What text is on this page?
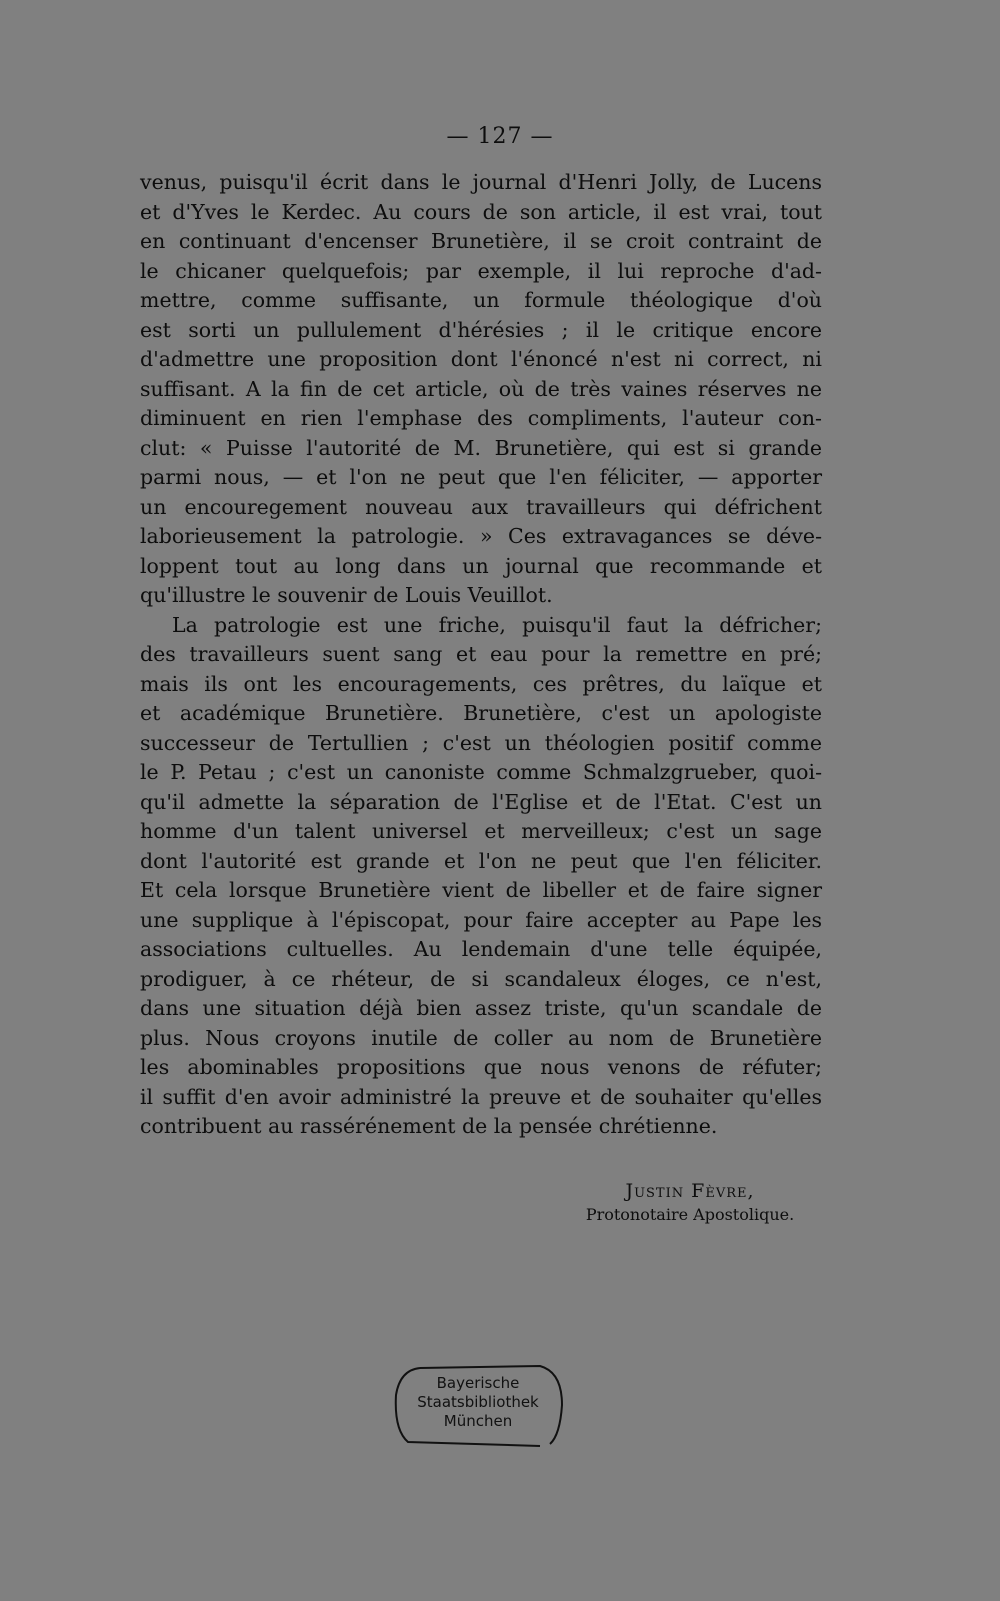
— 127 —
venus, puisqu'il écrit dans le journal d'Henri Jolly, de Lucens
et d'Yves le Kerdec. Au cours de son article, il est vrai, tout
en continuant d'encenser Brunetière, il se croit contraint de
le chicaner quelquefois; par exemple, il lui reproche d'ad-
mettre, comme suffisante, un formule théologique d'où
est sorti un pullulement d'hérésies ; il le critique encore
d'admettre une proposition dont l'énoncé n'est ni correct, ni
suffisant. A la fin de cet article, où de très vaines réserves ne
diminuent en rien l'emphase des compliments, l'auteur con-
clut: « Puisse l'autorité de M. Brunetière, qui est si grande
parmi nous, — et l'on ne peut que l'en féliciter, — apporter
un encouregement nouveau aux travailleurs qui défrichent
laborieusement la patrologie. » Ces extravagances se déve-
loppent tout au long dans un journal que recommande et
qu'illustre le souvenir de Louis Veuillot.
La patrologie est une friche, puisqu'il faut la défricher;
des travailleurs suent sang et eau pour la remettre en pré;
mais ils ont les encouragements, ces prêtres, du laïque et
et académique Brunetière. Brunetière, c'est un apologiste
successeur de Tertullien ; c'est un théologien positif comme
le P. Petau ; c'est un canoniste comme Schmalzgrueber, quoi-
qu'il admette la séparation de l'Eglise et de l'Etat. C'est un
homme d'un talent universel et merveilleux; c'est un sage
dont l'autorité est grande et l'on ne peut que l'en féliciter.
Et cela lorsque Brunetière vient de libeller et de faire signer
une supplique à l'épiscopat, pour faire accepter au Pape les
associations cultuelles. Au lendemain d'une telle équipée,
prodiguer, à ce rhéteur, de si scandaleux éloges, ce n'est,
dans une situation déjà bien assez triste, qu'un scandale de
plus. Nous croyons inutile de coller au nom de Brunetière
les abominables propositions que nous venons de réfuter;
il suffit d'en avoir administré la preuve et de souhaiter qu'elles
contribuent au rassérénement de la pensée chrétienne.
Justin Fèvre,
Protonotaire Apostolique.
Bayerische
Staatsbibliothek
München
